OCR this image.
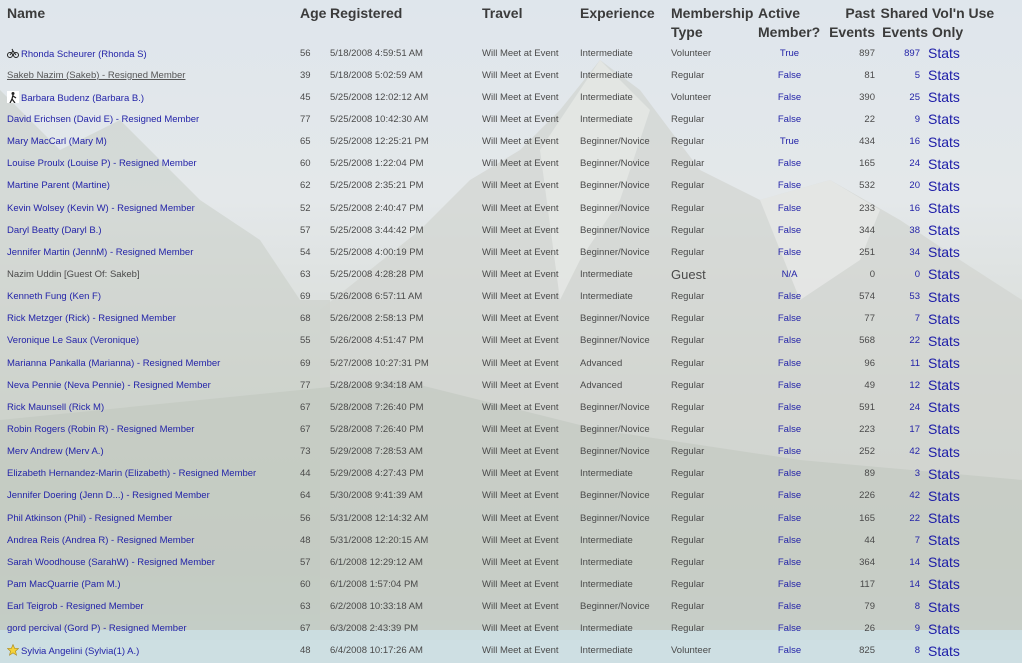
Name	Age	Registered	Travel	Experience	Membership Type	Active Member?	Past Events	Shared Events	Vol'n Use Only
Rhonda Scheurer (Rhonda S)	56	5/18/2008 4:59:51 AM	Will Meet at Event	Intermediate	Volunteer	True	897	897	Stats
Sakeb Nazim (Sakeb) - Resigned Member	39	5/18/2008 5:02:59 AM	Will Meet at Event	Intermediate	Regular	False	81	5	Stats
Barbara Budenz (Barbara B.)	45	5/25/2008 12:02:12 AM	Will Meet at Event	Intermediate	Volunteer	False	390	25	Stats
David Erichsen (David E) - Resigned Member	77	5/25/2008 10:42:30 AM	Will Meet at Event	Intermediate	Regular	False	22	9	Stats
Mary MacCarl (Mary M)	65	5/25/2008 12:25:21 PM	Will Meet at Event	Beginner/Novice	Regular	True	434	16	Stats
Louise Proulx (Louise P) - Resigned Member	60	5/25/2008 1:22:04 PM	Will Meet at Event	Beginner/Novice	Regular	False	165	24	Stats
Martine Parent (Martine)	62	5/25/2008 2:35:21 PM	Will Meet at Event	Beginner/Novice	Regular	False	532	20	Stats
Kevin Wolsey (Kevin W) - Resigned Member	52	5/25/2008 2:40:47 PM	Will Meet at Event	Beginner/Novice	Regular	False	233	16	Stats
Daryl Beatty (Daryl B.)	57	5/25/2008 3:44:42 PM	Will Meet at Event	Beginner/Novice	Regular	False	344	38	Stats
Jennifer Martin (JennM) - Resigned Member	54	5/25/2008 4:00:19 PM	Will Meet at Event	Beginner/Novice	Regular	False	251	34	Stats
Nazim Uddin [Guest Of: Sakeb]	63	5/25/2008 4:28:28 PM	Will Meet at Event	Intermediate	Guest	N/A	0	0	Stats
Kenneth Fung (Ken F)	69	5/26/2008 6:57:11 AM	Will Meet at Event	Intermediate	Regular	False	574	53	Stats
Rick Metzger (Rick) - Resigned Member	68	5/26/2008 2:58:13 PM	Will Meet at Event	Beginner/Novice	Regular	False	77	7	Stats
Veronique Le Saux (Veronique)	55	5/26/2008 4:51:47 PM	Will Meet at Event	Beginner/Novice	Regular	False	568	22	Stats
Marianna Pankalla (Marianna) - Resigned Member	69	5/27/2008 10:27:31 PM	Will Meet at Event	Advanced	Regular	False	96	11	Stats
Neva Pennie (Neva Pennie) - Resigned Member	77	5/28/2008 9:34:18 AM	Will Meet at Event	Advanced	Regular	False	49	12	Stats
Rick Maunsell (Rick M)	67	5/28/2008 7:26:40 PM	Will Meet at Event	Beginner/Novice	Regular	False	591	24	Stats
Robin Rogers (Robin R) - Resigned Member	67	5/28/2008 7:26:40 PM	Will Meet at Event	Beginner/Novice	Regular	False	223	17	Stats
Merv Andrew (Merv A.)	73	5/29/2008 7:28:53 AM	Will Meet at Event	Beginner/Novice	Regular	False	252	42	Stats
Elizabeth Hernandez-Marin (Elizabeth) - Resigned Member	44	5/29/2008 4:27:43 PM	Will Meet at Event	Intermediate	Regular	False	89	3	Stats
Jennifer Doering (Jenn D...) - Resigned Member	64	5/30/2008 9:41:39 AM	Will Meet at Event	Beginner/Novice	Regular	False	226	42	Stats
Phil Atkinson (Phil) - Resigned Member	56	5/31/2008 12:14:32 AM	Will Meet at Event	Beginner/Novice	Regular	False	165	22	Stats
Andrea Reis (Andrea R) - Resigned Member	48	5/31/2008 12:20:15 AM	Will Meet at Event	Intermediate	Regular	False	44	7	Stats
Sarah Woodhouse (SarahW) - Resigned Member	57	6/1/2008 12:29:12 AM	Will Meet at Event	Intermediate	Regular	False	364	14	Stats
Pam MacQuarrie (Pam M.)	60	6/1/2008 1:57:04 PM	Will Meet at Event	Intermediate	Regular	False	117	14	Stats
Earl Teigrob - Resigned Member	63	6/2/2008 10:33:18 AM	Will Meet at Event	Beginner/Novice	Regular	False	79	8	Stats
gord percival (Gord P) - Resigned Member	67	6/3/2008 2:43:39 PM	Will Meet at Event	Intermediate	Regular	False	26	9	Stats
Sylvia Angelini (Sylvia(1) A.)	48	6/4/2008 10:17:26 AM	Will Meet at Event	Intermediate	Volunteer	False	825	8	Stats
